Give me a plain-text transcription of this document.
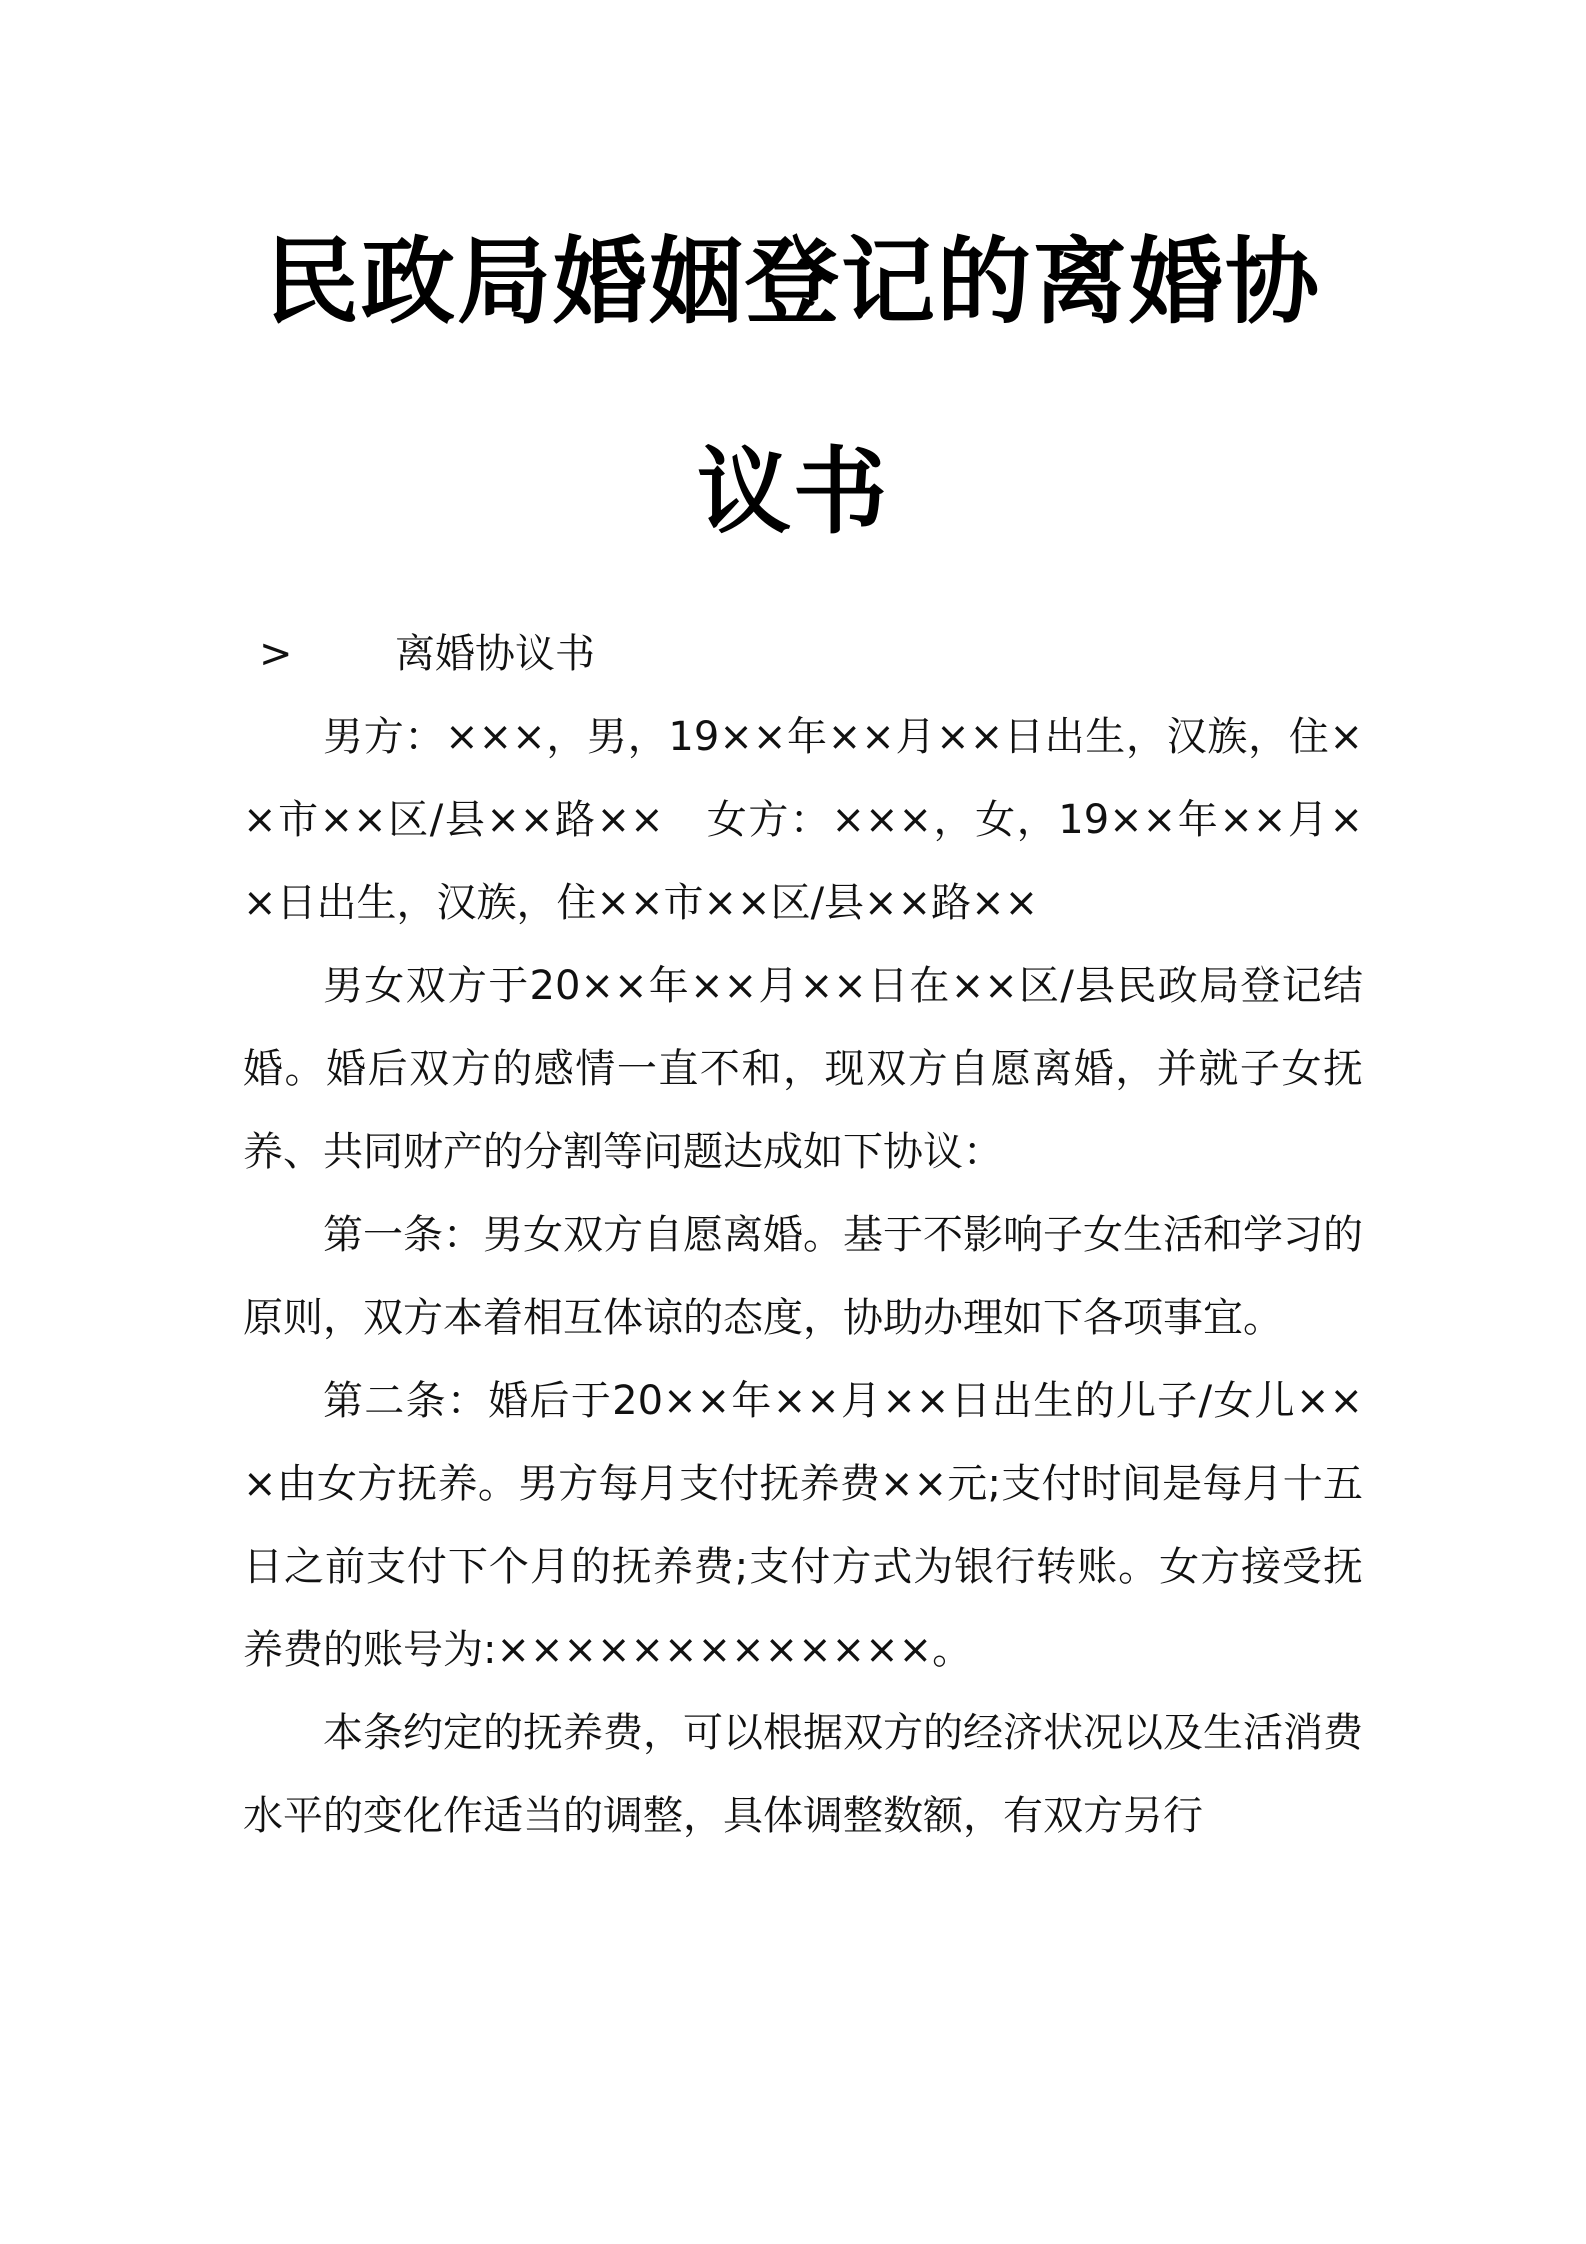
民政局婚姻登记的离婚协
议书
>	离婚协议书

男方：×××，男，19××年××月××日出生，汉族，住××市××区/县××路××　女方：×××，女，19××年××月××日出生，汉族，住××市××区/县××路××

男女双方于20××年××月××日在××区/县民政局登记结婚。婚后双方的感情一直不和，现双方自愿离婚，并就子女抚养、共同财产的分割等问题达成如下协议：

第一条：男女双方自愿离婚。基于不影响子女生活和学习的原则，双方本着相互体谅的态度，协助办理如下各项事宜。

第二条：婚后于20××年××月××日出生的儿子/女儿×××由女方抚养。男方每月支付抚养费××元;支付时间是每月十五日之前支付下个月的抚养费;支付方式为银行转账。女方接受抚养费的账号为:×××××××××××××。

本条约定的抚养费，可以根据双方的经济状况以及生活消费水平的变化作适当的调整，具体调整数额，有双方另行
